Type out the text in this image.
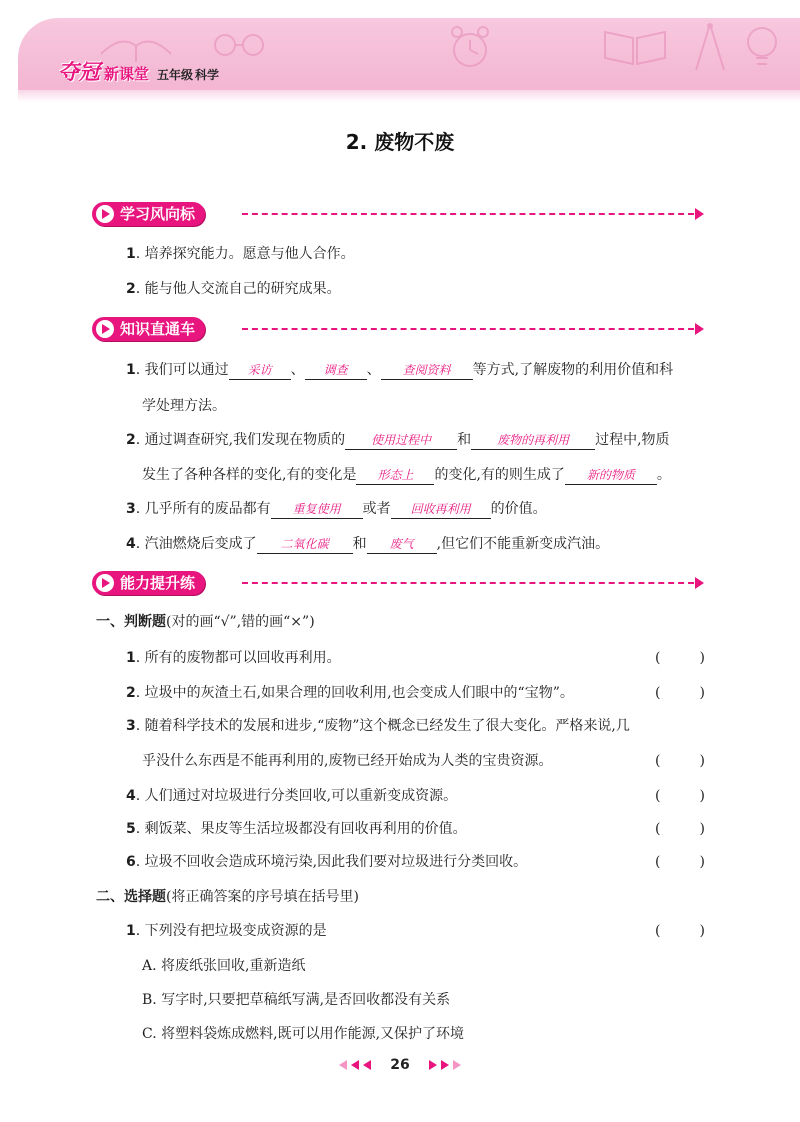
夺冠 新课堂 五年级 科学
2. 废物不废
学习风向标
1. 培养探究能力。愿意与他人合作。
2. 能与他人交流自己的研究成果。
知识直通车
1. 我们可以通过 采访 、 调查 、 查阅资料 等方式,了解废物的利用价值和科
学处理方法。
2. 通过调查研究,我们发现在物质的 使用过程中 和 废物的再利用 过程中,物质
发生了各种各样的变化,有的变化是 形态上 的变化,有的则生成了 新的物质 。
3. 几乎所有的废品都有 重复使用 或者 回收再利用 的价值。
4. 汽油燃烧后变成了 二氧化碳 和 废气 ,但它们不能重新变成汽油。
能力提升练
一、判断题(对的画“√”,错的画“×”)
1. 所有的废物都可以回收再利用。	(	)
2. 垃圾中的灰渣土石,如果合理的回收利用,也会变成人们眼中的“宝物”。	(	)
3. 随着科学技术的发展和进步,“废物”这个概念已经发生了很大变化。严格来说,几
乎没什么东西是不能再利用的,废物已经开始成为人类的宝贵资源。	(	)
4. 人们通过对垃圾进行分类回收,可以重新变成资源。	(	)
5. 剩饭菜、果皮等生活垃圾都没有回收再利用的价值。	(	)
6. 垃圾不回收会造成环境污染,因此我们要对垃圾进行分类回收。	(	)
二、选择题(将正确答案的序号填在括号里)
1. 下列没有把垃圾变成资源的是	(	)
A. 将废纸张回收,重新造纸
B. 写字时,只要把草稿纸写满,是否回收都没有关系
C. 将塑料袋炼成燃料,既可以用作能源,又保护了环境
26
